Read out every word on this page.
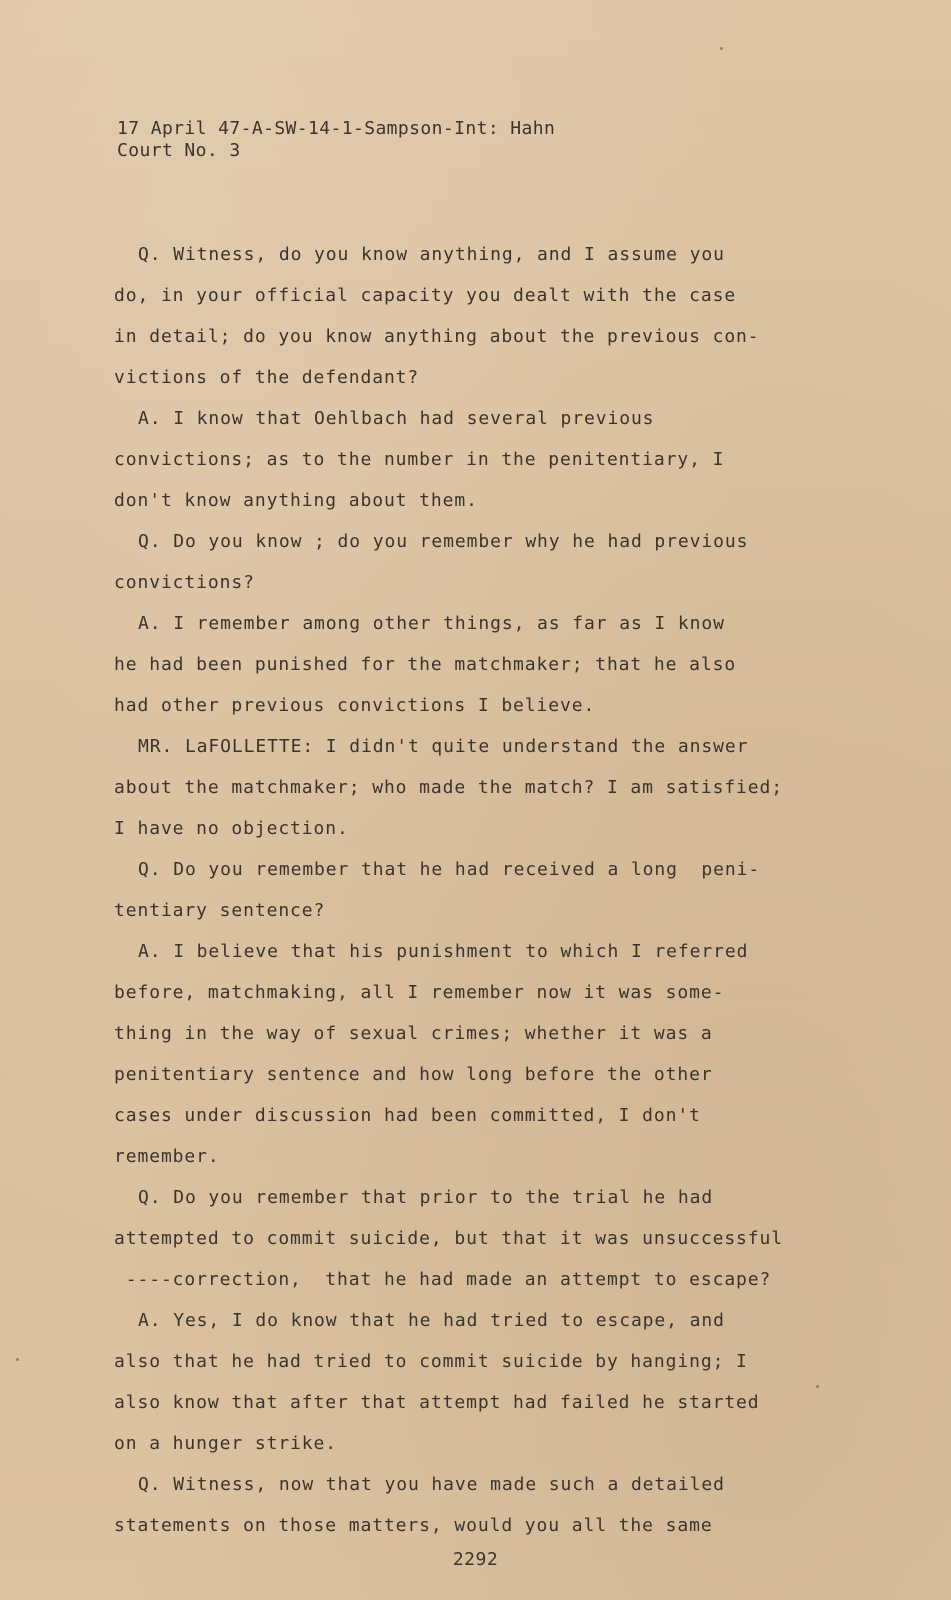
17 April 47-A-SW-14-1-Sampson-Int: Hahn
Court No. 3
Q. Witness, do you know anything, and I assume you
do, in your official capacity you dealt with the case
in detail; do you know anything about the previous con-
victions of the defendant?
A. I know that Oehlbach had several previous
convictions; as to the number in the penitentiary, I
don't know anything about them.
Q. Do you know ; do you remember why he had previous
convictions?
A. I remember among other things, as far as I know
he had been punished for the matchmaker; that he also
had other previous convictions I believe.
MR. LaFOLLETTE: I didn't quite understand the answer
about the matchmaker; who made the match? I am satisfied;
I have no objection.
Q. Do you remember that he had received a long  peni-
tentiary sentence?
A. I believe that his punishment to which I referred
before, matchmaking, all I remember now it was some-
thing in the way of sexual crimes; whether it was a
penitentiary sentence and how long before the other
cases under discussion had been committed, I don't
remember.
Q. Do you remember that prior to the trial he had
attempted to commit suicide, but that it was unsuccessful
----correction,  that he had made an attempt to escape?
A. Yes, I do know that he had tried to escape, and
also that he had tried to commit suicide by hanging; I
also know that after that attempt had failed he started
on a hunger strike.
Q. Witness, now that you have made such a detailed
statements on those matters, would you all the same
2292
